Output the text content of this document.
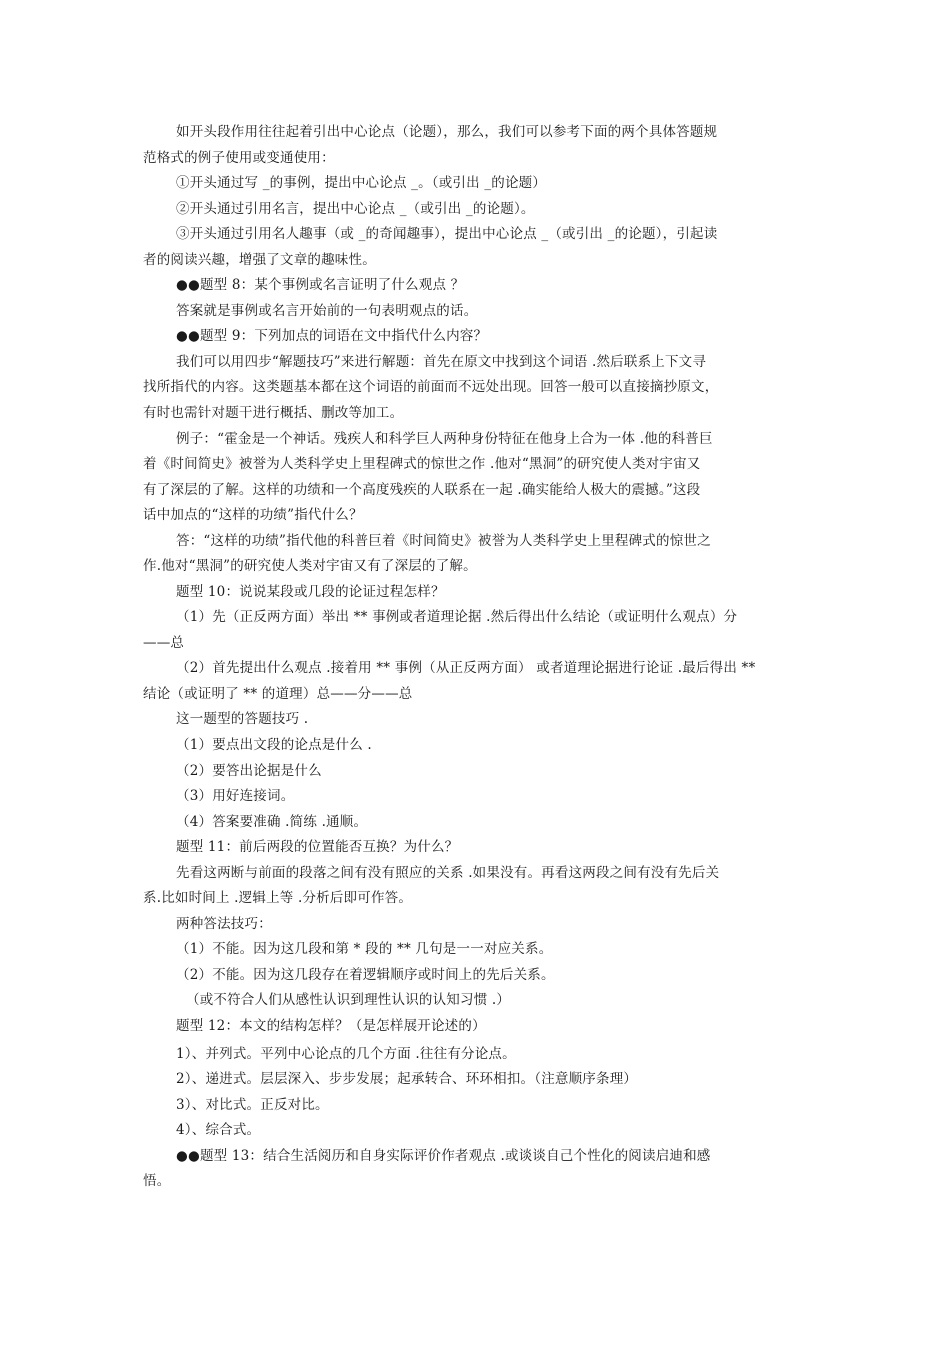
如开头段作用往往起着引出中心论点（论题），那么，我们可以参考下面的两个具体答题规
范格式的例子使用或变通使用：
①开头通过写 _的事例，提出中心论点 _。（或引出 _的论题）
②开头通过引用名言，提出中心论点 _（或引出 _的论题）。
③开头通过引用名人趣事（或 _的奇闻趣事），提出中心论点 _（或引出 _的论题），引起读
者的阅读兴趣，增强了文章的趣味性。
●●题型 8：某个事例或名言证明了什么观点 ？
答案就是事例或名言开始前的一句表明观点的话。
●●题型 9：下列加点的词语在文中指代什么内容？
我们可以用四步“解题技巧”来进行解题：首先在原文中找到这个词语 .然后联系上下文寻
找所指代的内容。这类题基本都在这个词语的前面而不远处出现。回答一般可以直接摘抄原文，
有时也需针对题干进行概括、删改等加工。
例子：“霍金是一个神话。残疾人和科学巨人两种身份特征在他身上合为一体 .他的科普巨
着《时间简史》被誉为人类科学史上里程碑式的惊世之作 .他对“黑洞”的研究使人类对宇宙又
有了深层的了解。这样的功绩和一个高度残疾的人联系在一起 .确实能给人极大的震撼。”这段
话中加点的“这样的功绩”指代什么？
答：“这样的功绩”指代他的科普巨着《时间简史》被誉为人类科学史上里程碑式的惊世之
作.他对“黑洞”的研究使人类对宇宙又有了深层的了解。
题型 10：说说某段或几段的论证过程怎样？
（1）先（正反两方面）举出 ** 事例或者道理论据 .然后得出什么结论（或证明什么观点）分
——总
（2）首先提出什么观点 .接着用 ** 事例（从正反两方面） 或者道理论据进行论证 .最后得出 **
结论（或证明了 ** 的道理）总——分——总
这一题型的答题技巧 .
（1）要点出文段的论点是什么 .
（2）要答出论据是什么
（3）用好连接词。
（4）答案要准确 .简练 .通顺。
题型 11：前后两段的位置能否互换？为什么？
先看这两断与前面的段落之间有没有照应的关系 .如果没有。再看这两段之间有没有先后关
系.比如时间上 .逻辑上等 .分析后即可作答。
两种答法技巧：
（1）不能。因为这几段和第 * 段的 ** 几句是一一对应关系。
（2）不能。因为这几段存在着逻辑顺序或时间上的先后关系。
（或不符合人们从感性认识到理性认识的认知习惯 .）
题型 12：本文的结构怎样？（是怎样展开论述的）
1）、并列式。平列中心论点的几个方面 .往往有分论点。
2）、递进式。层层深入、步步发展；起承转合、环环相扣。（注意顺序条理）
3）、对比式。正反对比。
4）、综合式。
●●题型 13：结合生活阅历和自身实际评价作者观点 .或谈谈自己个性化的阅读启迪和感
悟。
